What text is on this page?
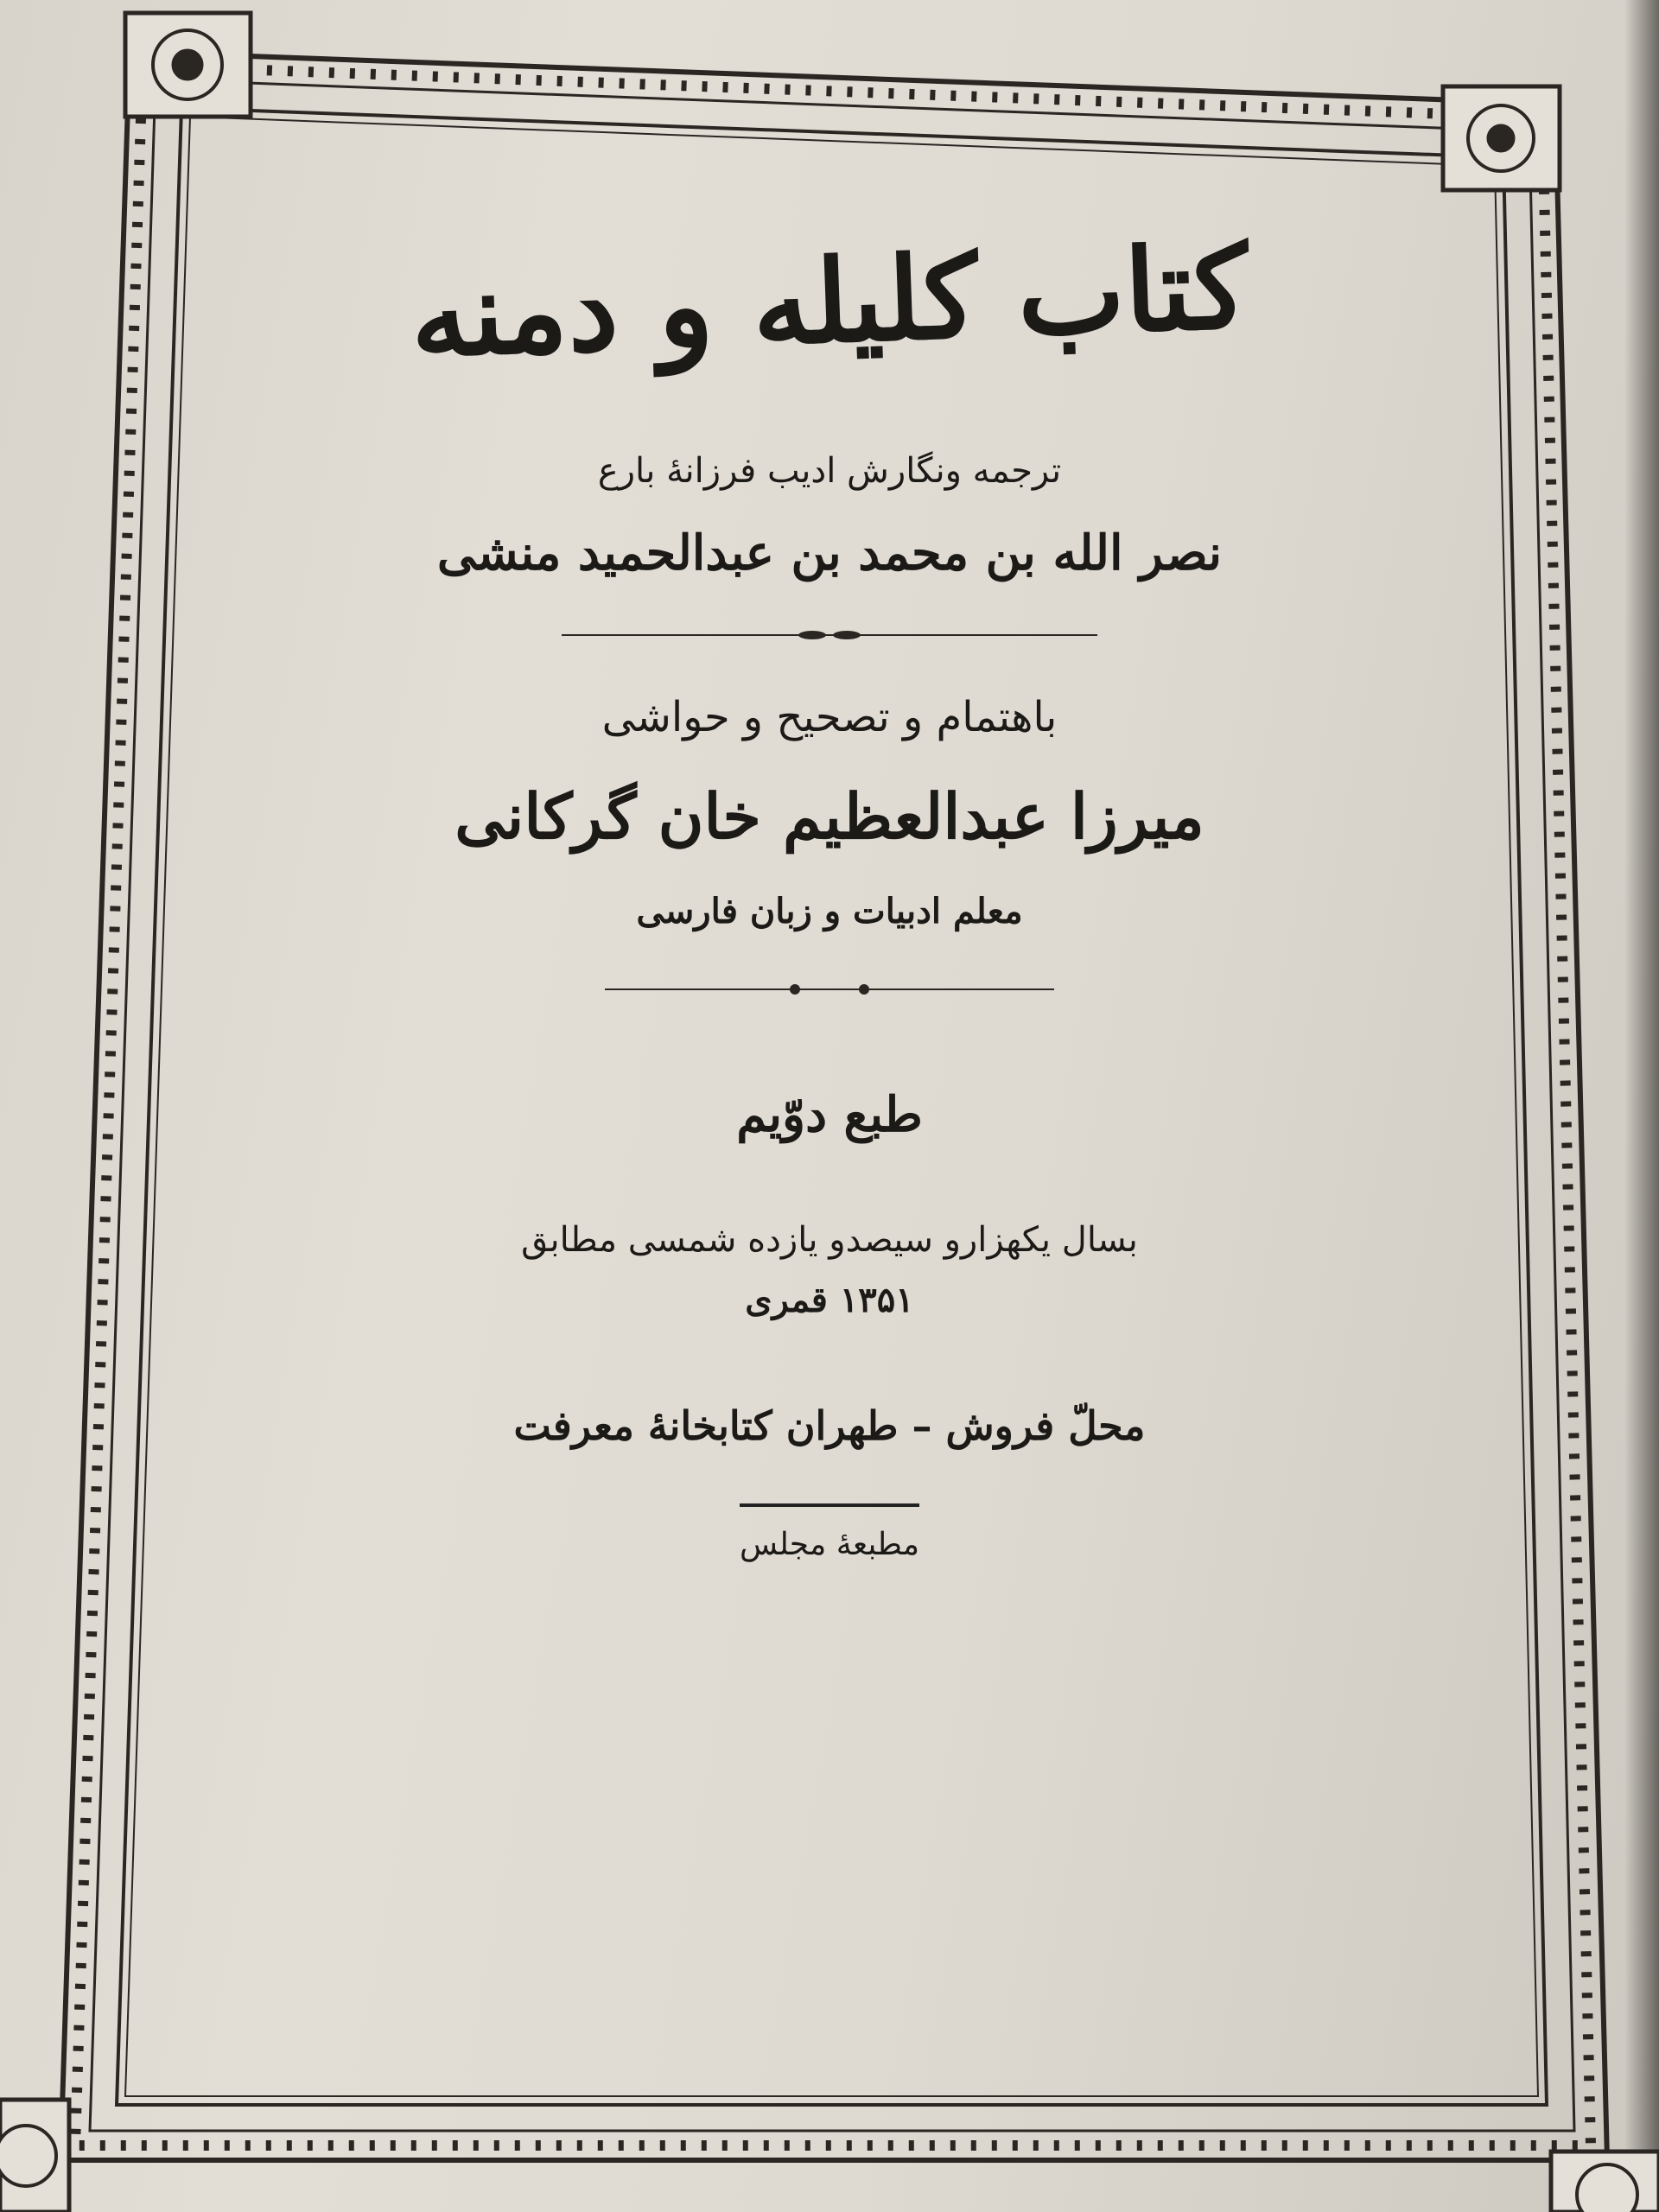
کتاب کلیله و دمنه
ترجمه ونگارش ادیب فرزانهٔ بارع
نصر الله بن محمد بن عبدالحمید منشی
باهتمام و تصحیح و حواشی
میرزا عبدالعظیم خان گرکانی
معلم ادبیات و زبان فارسی
طبع دوّیم
بسال یکهزارو سیصدو یازده شمسی مطابق
۱۳۵۱ قمری
محلّ فروش – طهران کتابخانهٔ معرفت
مطبعهٔ مجلس
